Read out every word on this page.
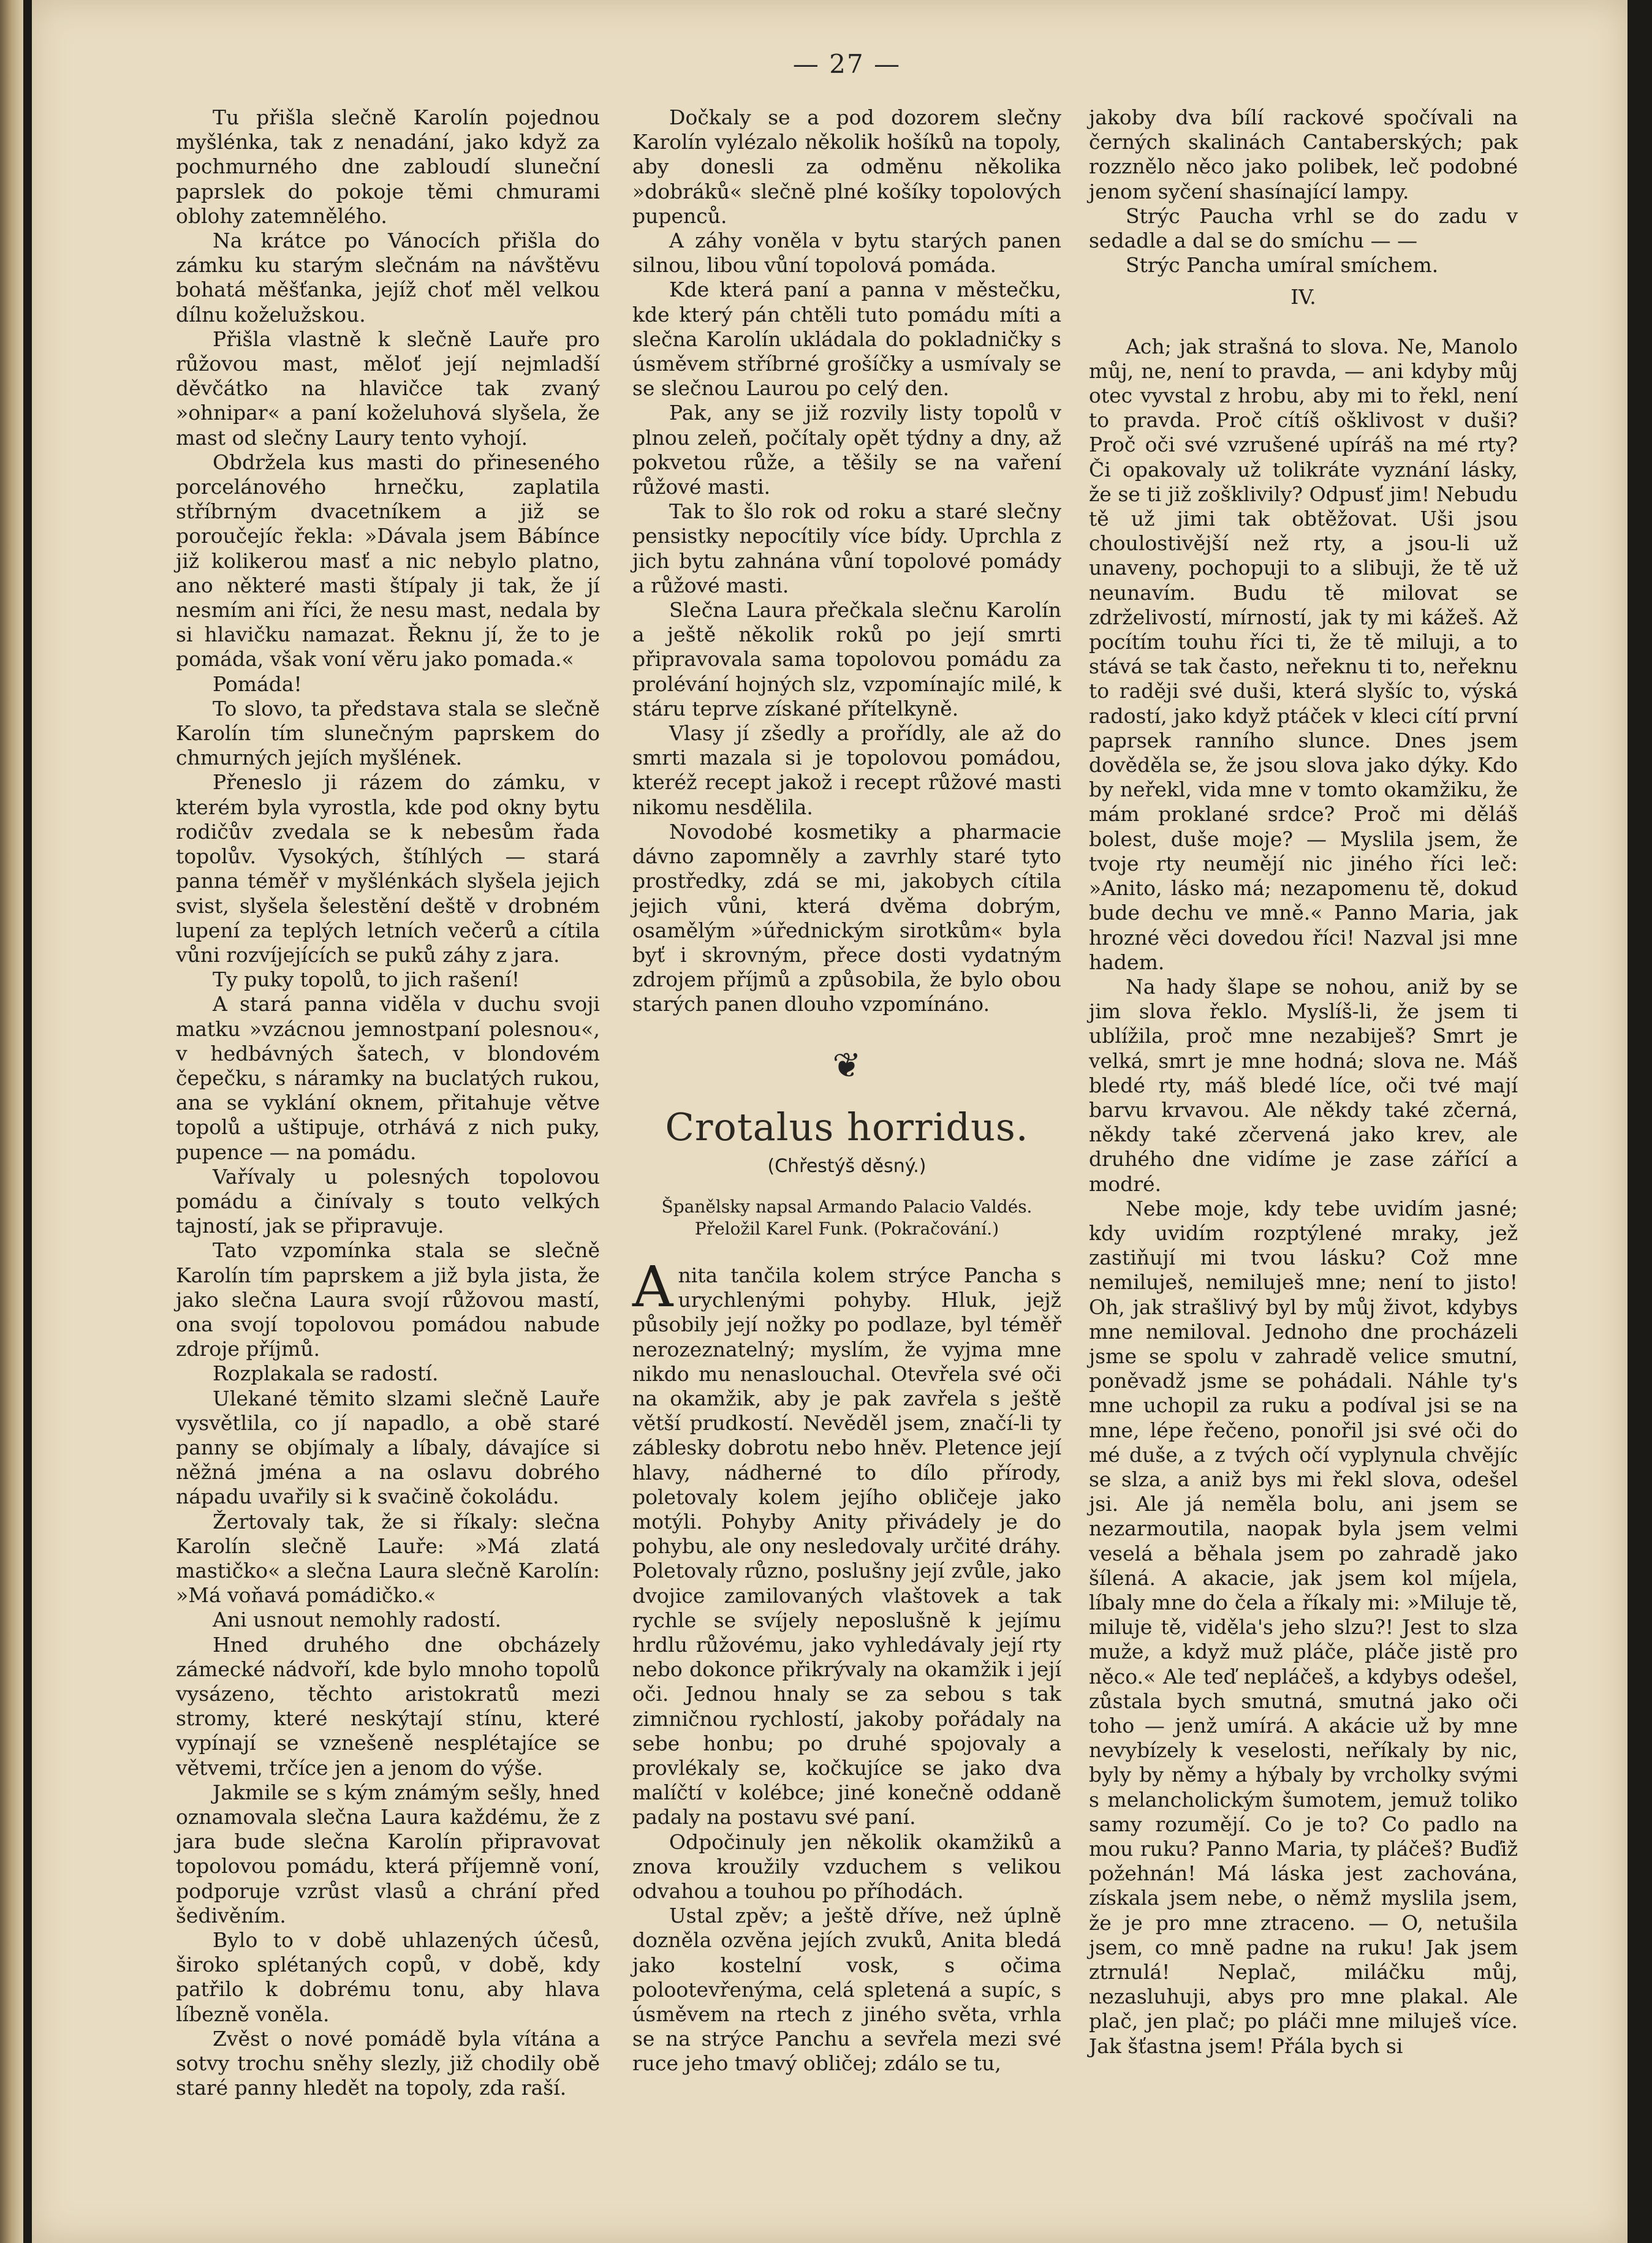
— 27 —

Tu přišla slečně Karolín pojednou myšlénka, tak z nenadání, jako když za pochmurného dne zabloudí sluneční paprslek do pokoje těmi chmurami oblohy zatemnělého.

Na krátce po Vánocích přišla do zámku ku starým slečnám na návštěvu bohatá měšťanka, jejíž choť měl velkou dílnu koželužskou.

Přišla vlastně k slečně Lauře pro růžovou mast, měloť její nejmladší děvčátko na hlavičce tak zvaný »ohnipar« a paní koželuhová slyšela, že mast od slečny Laury tento vyhojí.

Obdržela kus masti do přineseného porcelánového hrnečku, zaplatila stříbrným dvacetníkem a již se poroučejíc řekla: »Dávala jsem Bábínce již kolikerou masť a nic nebylo platno, ano některé masti štípaly ji tak, že jí nesmím ani říci, že nesu mast, nedala by si hlavičku namazat. Řeknu jí, že to je pomáda, však voní věru jako pomada.«

Pomáda!

To slovo, ta představa stala se slečně Karolín tím slunečným paprskem do chmurných jejích myšlének.

Přeneslo ji rázem do zámku, v kterém byla vyrostla, kde pod okny bytu rodičův zvedala se k nebesům řada topolův. Vysokých, štíhlých — stará panna téměř v myšlénkách slyšela jejich svist, slyšela šelestění deště v drobném lupení za teplých letních večerů a cítila vůni rozvíjejících se puků záhy z jara.

Ty puky topolů, to jich rašení!

A stará panna viděla v duchu svoji matku »vzácnou jemnostpaní polesnou«, v hedbávných šatech, v blondovém čepečku, s náramky na buclatých rukou, ana se vyklání oknem, přitahuje větve topolů a uštipuje, otrhává z nich puky, pupence — na pomádu.

Vařívaly u polesných topolovou pomádu a činívaly s touto velkých tajností, jak se připravuje.

Tato vzpomínka stala se slečně Karolín tím paprskem a již byla jista, že jako slečna Laura svojí růžovou mastí, ona svojí topolovou pomádou nabude zdroje příjmů.

Rozplakala se radostí.

Ulekané těmito slzami slečně Lauře vysvětlila, co jí napadlo, a obě staré panny se objímaly a líbaly, dávajíce si něžná jména a na oslavu dobrého nápadu uvařily si k svačině čokoládu.

Žertovaly tak, že si říkaly: slečna Karolín slečně Lauře: »Má zlatá mastičko« a slečna Laura slečně Karolín: »Má voňavá pomádičko.«

Ani usnout nemohly radostí.

Hned druhého dne obcházely zámecké nádvoří, kde bylo mnoho topolů vysázeno, těchto aristokratů mezi stromy, které neskýtají stínu, které vypínají se vznešeně nesplétajíce se větvemi, trčíce jen a jenom do výše.

Jakmile se s kým známým sešly, hned oznamovala slečna Laura každému, že z jara bude slečna Karolín připravovat topolovou pomádu, která příjemně voní, podporuje vzrůst vlasů a chrání před šedivěním.

Bylo to v době uhlazených účesů, široko splétaných copů, v době, kdy patřilo k dobrému tonu, aby hlava líbezně voněla.

Zvěst o nové pomádě byla vítána a sotvy trochu sněhy slezly, již chodily obě staré panny hledět na topoly, zda raší.

Dočkaly se a pod dozorem slečny Karolín vylézalo několik hošíků na topoly, aby donesli za odměnu několika »dobráků« slečně plné košíky topolových pupenců.

A záhy voněla v bytu starých panen silnou, libou vůní topolová pomáda.

Kde která paní a panna v městečku, kde který pán chtěli tuto pomádu míti a slečna Karolín ukládala do pokladničky s úsměvem stříbrné grošíčky a usmívaly se se slečnou Laurou po celý den.

Pak, any se již rozvily listy topolů v plnou zeleň, počítaly opět týdny a dny, až pokvetou růže, a těšily se na vaření růžové masti.

Tak to šlo rok od roku a staré slečny pensistky nepocítily více bídy. Uprchla z jich bytu zahnána vůní topolové pomády a růžové masti.

Slečna Laura přečkala slečnu Karolín a ještě několik roků po její smrti připravovala sama topolovou pomádu za prolévání hojných slz, vzpomínajíc milé, k stáru teprve získané přítelkyně.

Vlasy jí zšedly a prořídly, ale až do smrti mazala si je topolovou pomádou, kteréž recept jakož i recept růžové masti nikomu nesdělila.

Novodobé kosmetiky a pharmacie dávno zapomněly a zavrhly staré tyto prostředky, zdá se mi, jakobych cítila jejich vůni, která dvěma dobrým, osamělým »úřednickým sirotkům« byla byť i skrovným, přece dosti vydatným zdrojem příjmů a způsobila, že bylo obou starých panen dlouho vzpomínáno.

❦
Crotalus horridus.
(Chřestýš děsný.)

Španělsky napsal Armando Palacio Valdés.

Přeložil Karel Funk. (Pokračování.)

Anita tančila kolem strýce Pancha s urychlenými pohyby. Hluk, jejž působily její nožky po podlaze, byl téměř nerozeznatelný; myslím, že vyjma mne nikdo mu nenaslouchal. Otevřela své oči na okamžik, aby je pak zavřela s ještě větší prudkostí. Nevěděl jsem, značí-li ty záblesky dobrotu nebo hněv. Pletence její hlavy, nádherné to dílo přírody, poletovaly kolem jejího obličeje jako motýli. Pohyby Anity přivádely je do pohybu, ale ony nesledovaly určité dráhy. Poletovaly různo, poslušny její zvůle, jako dvojice zamilovaných vlaštovek a tak rychle se svíjely neposlušně k jejímu hrdlu růžovému, jako vyhledávaly její rty nebo dokonce přikrývaly na okamžik i její oči. Jednou hnaly se za sebou s tak zimničnou rychlostí, jakoby pořádaly na sebe honbu; po druhé spojovaly a provlékaly se, kočkujíce se jako dva malíčtí v kolébce; jiné konečně oddaně padaly na postavu své paní.

Odpočinuly jen několik okamžiků a znova kroužily vzduchem s velikou odvahou a touhou po příhodách.

Ustal zpěv; a ještě dříve, než úplně dozněla ozvěna jejích zvuků, Anita bledá jako kostelní vosk, s očima polootevřenýma, celá spletená a supíc, s úsměvem na rtech z jiného světa, vrhla se na strýce Panchu a sevřela mezi své ruce jeho tmavý obličej; zdálo se tu,

jakoby dva bílí rackové spočívali na černých skalinách Cantaberských; pak rozznělo něco jako polibek, leč podobné jenom syčení shasínající lampy.

Strýc Paucha vrhl se do zadu v sedadle a dal se do smíchu — —

Strýc Pancha umíral smíchem.

IV.

Ach; jak strašná to slova. Ne, Manolo můj, ne, není to pravda, — ani kdyby můj otec vyvstal z hrobu, aby mi to řekl, není to pravda. Proč cítíš ošklivost v duši? Proč oči své vzrušené upíráš na mé rty? Či opakovaly už tolikráte vyznání lásky, že se ti již zošklivily? Odpusť jim! Nebudu tě už jimi tak obtěžovat. Uši jsou choulostivější než rty, a jsou-li už unaveny, pochopuji to a slibuji, že tě už neunavím. Budu tě milovat se zdrželivostí, mírností, jak ty mi kážeš. Až pocítím touhu říci ti, že tě miluji, a to stává se tak často, neřeknu ti to, neřeknu to raději své duši, která slyšíc to, výská radostí, jako když ptáček v kleci cítí první paprsek ranního slunce. Dnes jsem dověděla se, že jsou slova jako dýky. Kdo by neřekl, vida mne v tomto okamžiku, že mám proklané srdce? Proč mi děláš bolest, duše moje? — Myslila jsem, že tvoje rty neumějí nic jiného říci leč: »Anito, lásko má; nezapomenu tě, dokud bude dechu ve mně.« Panno Maria, jak hrozné věci dovedou říci! Nazval jsi mne hadem.

Na hady šlape se nohou, aniž by se jim slova řeklo. Myslíš-li, že jsem ti ublížila, proč mne nezabiješ? Smrt je velká, smrt je mne hodná; slova ne. Máš bledé rty, máš bledé líce, oči tvé mají barvu krvavou. Ale někdy také zčerná, někdy také zčervená jako krev, ale druhého dne vidíme je zase zářící a modré.

Nebe moje, kdy tebe uvidím jasné; kdy uvidím rozptýlené mraky, jež zastiňují mi tvou lásku? Což mne nemiluješ, nemiluješ mne; není to jisto! Oh, jak strašlivý byl by můj život, kdybys mne nemiloval. Jednoho dne procházeli jsme se spolu v zahradě velice smutní, poněvadž jsme se pohádali. Náhle ty's mne uchopil za ruku a podíval jsi se na mne, lépe řečeno, ponořil jsi své oči do mé duše, a z tvých očí vyplynula chvějíc se slza, a aniž bys mi řekl slova, odešel jsi. Ale já neměla bolu, ani jsem se nezarmoutila, naopak byla jsem velmi veselá a běhala jsem po zahradě jako šílená. A akacie, jak jsem kol míjela, líbaly mne do čela a říkaly mi: »Miluje tě, miluje tě, viděla's jeho slzu?! Jest to slza muže, a když muž pláče, pláče jistě pro něco.« Ale teď nepláčeš, a kdybys odešel, zůstala bych smutná, smutná jako oči toho — jenž umírá. A akácie už by mne nevybízely k veselosti, neříkaly by nic, byly by němy a hýbaly by vrcholky svými s melancholickým šumotem, jemuž toliko samy rozumějí. Co je to? Co padlo na mou ruku? Panno Maria, ty pláčeš? Buďiž požehnán! Má láska jest zachována, získala jsem nebe, o němž myslila jsem, že je pro mne ztraceno. — O, netušila jsem, co mně padne na ruku! Jak jsem ztrnulá! Neplač, miláčku můj, nezasluhuji, abys pro mne plakal. Ale plač, jen plač; po pláči mne miluješ více. Jak šťastna jsem! Přála bych si
